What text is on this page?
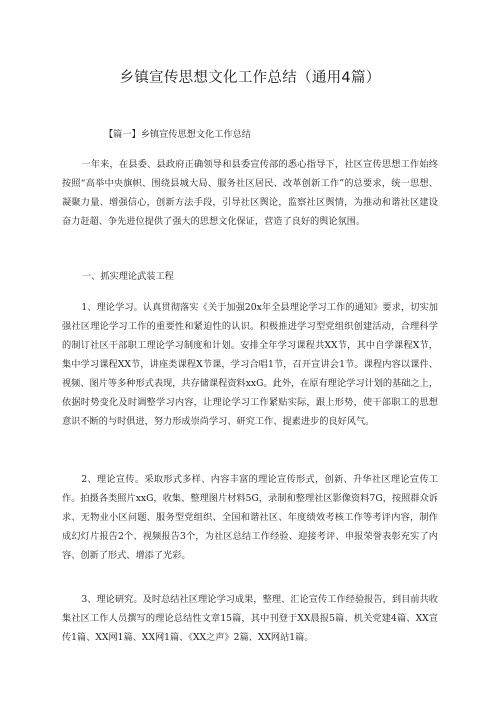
乡镇宣传思想文化工作总结（通用4篇）
【篇一】乡镇宣传思想文化工作总结

一年来，在县委、县政府正确领导和县委宣传部的悉心指导下，社区宣传思想工作始终按照“高举中央旗帜、围绕县城大局、服务社区居民、改革创新工作”的总要求，统一思想、凝聚力量、增强信心，创新方法手段，引导社区舆论，监察社区舆情，为推动和谐社区建设奋力赶超、争先进位提供了强大的思想文化保证，营造了良好的舆论氛围。

一、抓实理论武装工程

1、理论学习。认真贯彻落实《关于加强20x年全县理论学习工作的通知》要求，切实加强社区理论学习工作的重要性和紧迫性的认识。积极推进学习型党组织创建活动，合理科学的制订社区干部职工理论学习制度和计划。安排全年学习课程共XX节，其中自学课程X节，集中学习课程XX节，讲座类课程X节课，学习合唱1节，召开宣讲会1节。课程内容以课件、视频、图片等多种形式表现，共存储课程资料xxG。此外，在原有理论学习计划的基础之上，依据时势变化及时调整学习内容，让理论学习工作紧贴实际，跟上形势，使干部职工的思想意识不断的与时俱进，努力形成崇尚学习、研究工作、提素进步的良好风气。

2、理论宣传。采取形式多样、内容丰富的理论宣传形式，创新、升华社区理论宣传工作。拍摄各类照片xxG，收集、整理图片材料5G，录制和整理社区影像资料7G，按照群众诉求、无物业小区问题、服务型党组织、全国和谐社区、年度绩效考核工作等考评内容，制作成幻灯片报告2个、视频报告3个，为社区总结工作经验、迎接考评、申报荣誉表彰充实了内容、创新了形式、增添了光彩。

3、理论研究。及时总结社区理论学习成果，整理、汇论宣传工作经验报告，到目前共收集社区工作人员撰写的理论总结性文章15篇，其中刊登于XX晨报5篇、机关党建4篇、XX宣传1篇、XX网1篇、XX网1篇、《XX之声》2篇、XX网站1篇。
